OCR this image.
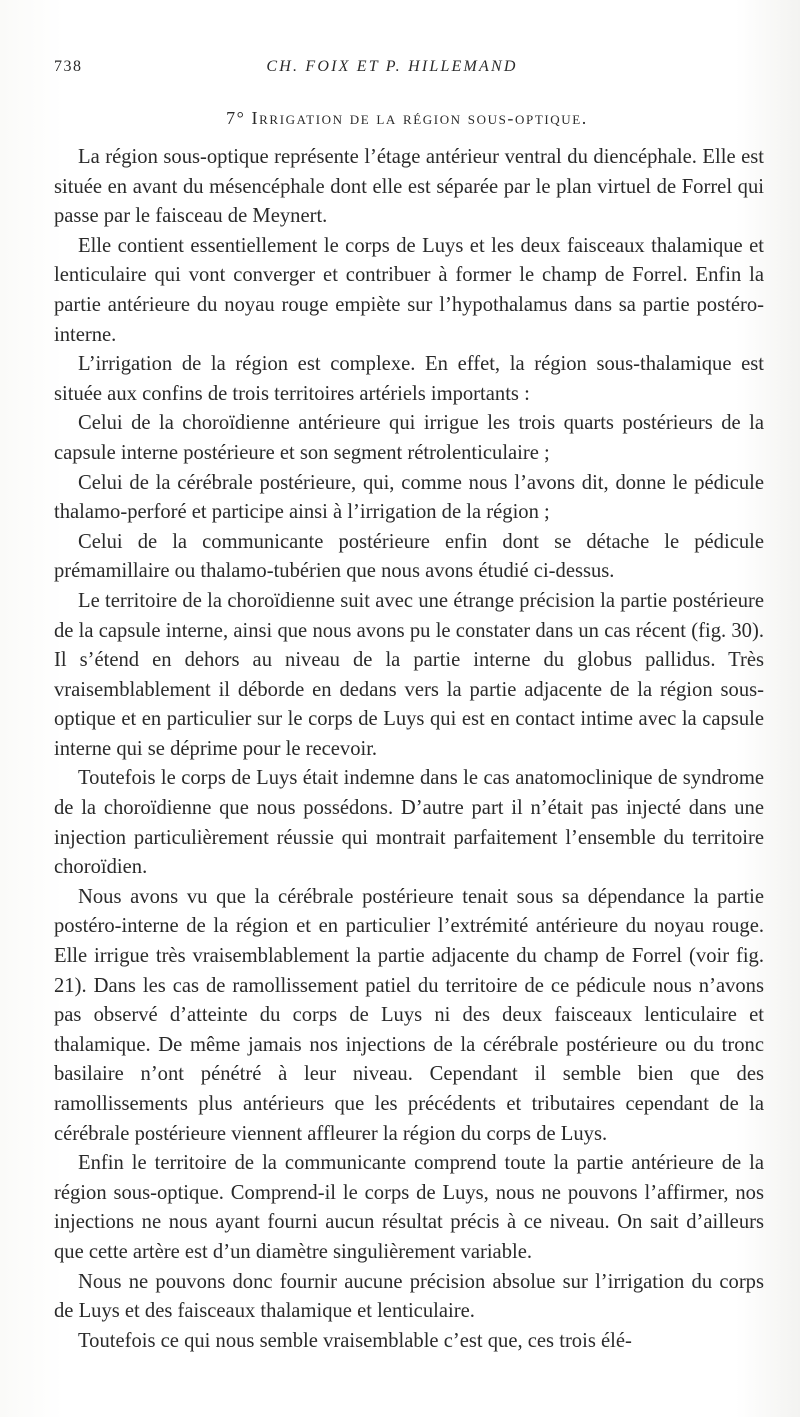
738	CH. FOIX ET P. HILLEMAND
7° Irrigation de la région sous-optique.

La région sous-optique représente l’étage antérieur ventral du diencéphale. Elle est située en avant du mésencéphale dont elle est séparée par le plan virtuel de Forrel qui passe par le faisceau de Meynert.

Elle contient essentiellement le corps de Luys et les deux faisceaux thalamique et lenticulaire qui vont converger et contribuer à former le champ de Forrel. Enfin la partie antérieure du noyau rouge empiète sur l’hypothalamus dans sa partie postéro-interne.

L’irrigation de la région est complexe. En effet, la région sous-thalamique est située aux confins de trois territoires artériels importants :

Celui de la choroïdienne antérieure qui irrigue les trois quarts postérieurs de la capsule interne postérieure et son segment rétrolenticulaire ;

Celui de la cérébrale postérieure, qui, comme nous l’avons dit, donne le pédicule thalamo-perforé et participe ainsi à l’irrigation de la région ;

Celui de la communicante postérieure enfin dont se détache le pédicule prémamillaire ou thalamo-tubérien que nous avons étudié ci-dessus.

Le territoire de la choroïdienne suit avec une étrange précision la partie postérieure de la capsule interne, ainsi que nous avons pu le constater dans un cas récent (fig. 30). Il s’étend en dehors au niveau de la partie interne du globus pallidus. Très vraisemblablement il déborde en dedans vers la partie adjacente de la région sous-optique et en particulier sur le corps de Luys qui est en contact intime avec la capsule interne qui se déprime pour le recevoir.

Toutefois le corps de Luys était indemne dans le cas anatomoclinique de syndrome de la choroïdienne que nous possédons. D’autre part il n’était pas injecté dans une injection particulièrement réussie qui montrait parfaitement l’ensemble du territoire choroïdien.

Nous avons vu que la cérébrale postérieure tenait sous sa dépendance la partie postéro-interne de la région et en particulier l’extrémité antérieure du noyau rouge. Elle irrigue très vraisemblablement la partie adjacente du champ de Forrel (voir fig. 21). Dans les cas de ramollissement patiel du territoire de ce pédicule nous n’avons pas observé d’atteinte du corps de Luys ni des deux faisceaux lenticulaire et thalamique. De même jamais nos injections de la cérébrale postérieure ou du tronc basilaire n’ont pénétré à leur niveau. Cependant il semble bien que des ramollissements plus antérieurs que les précédents et tributaires cependant de la cérébrale postérieure viennent affleurer la région du corps de Luys.

Enfin le territoire de la communicante comprend toute la partie antérieure de la région sous-optique. Comprend-il le corps de Luys, nous ne pouvons l’affirmer, nos injections ne nous ayant fourni aucun résultat précis à ce niveau. On sait d’ailleurs que cette artère est d’un diamètre singulièrement variable.

Nous ne pouvons donc fournir aucune précision absolue sur l’irrigation du corps de Luys et des faisceaux thalamique et lenticulaire.

Toutefois ce qui nous semble vraisemblable c’est que, ces trois élé-
